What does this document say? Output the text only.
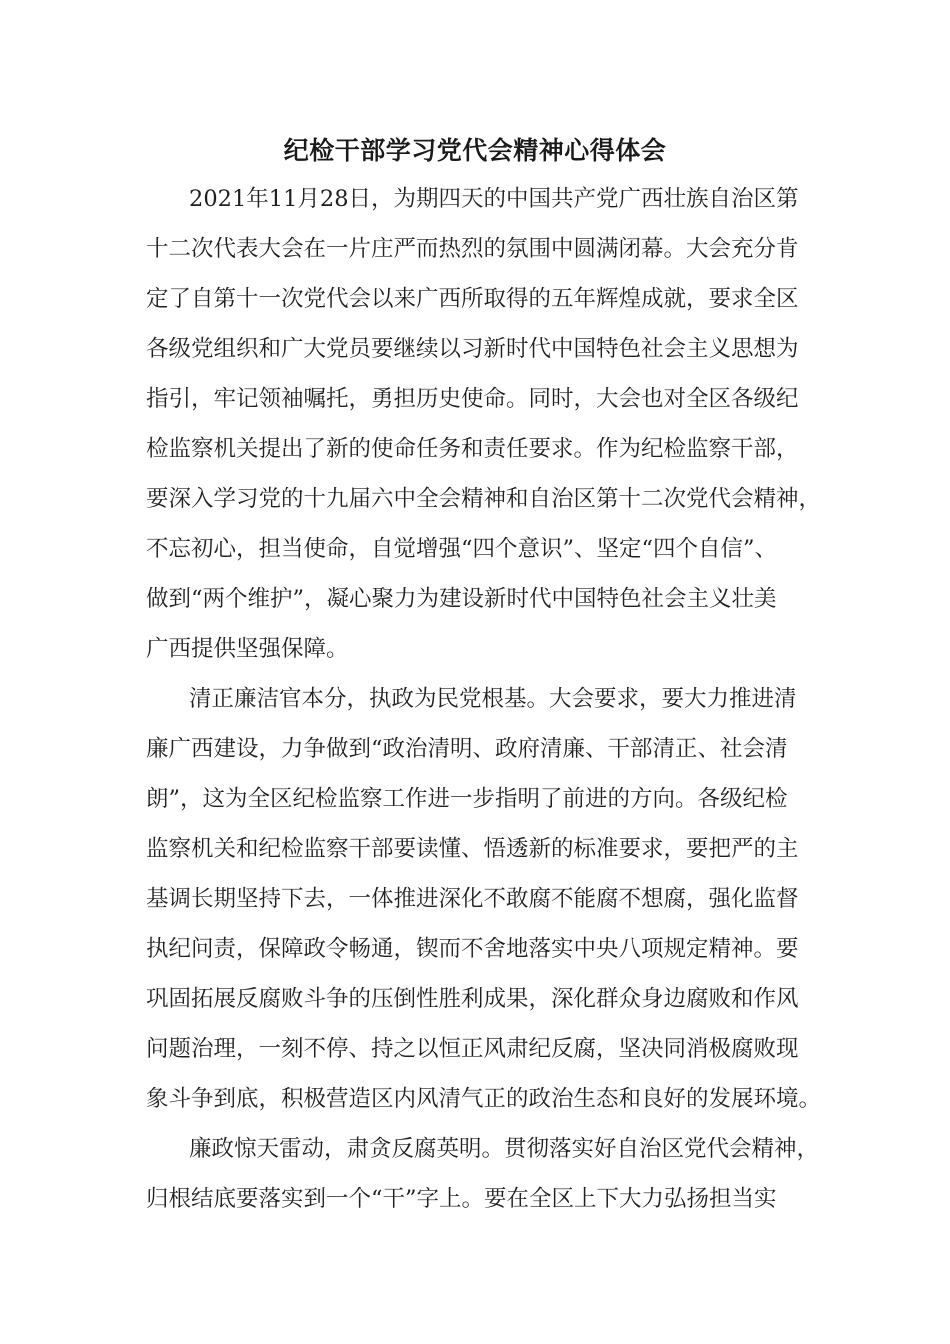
纪检干部学习党代会精神心得体会
2021年11月28日，为期四天的中国共产党广西壮族自治区第
十二次代表大会在一片庄严而热烈的氛围中圆满闭幕。大会充分肯
定了自第十一次党代会以来广西所取得的五年辉煌成就，要求全区
各级党组织和广大党员要继续以习新时代中国特色社会主义思想为
指引，牢记领袖嘱托，勇担历史使命。同时，大会也对全区各级纪
检监察机关提出了新的使命任务和责任要求。作为纪检监察干部，
要深入学习党的十九届六中全会精神和自治区第十二次党代会精神，
不忘初心，担当使命，自觉增强“四个意识”、坚定“四个自信”、
做到“两个维护”，凝心聚力为建设新时代中国特色社会主义壮美
广西提供坚强保障。
清正廉洁官本分，执政为民党根基。大会要求，要大力推进清
廉广西建设，力争做到“政治清明、政府清廉、干部清正、社会清
朗”，这为全区纪检监察工作进一步指明了前进的方向。各级纪检
监察机关和纪检监察干部要读懂、悟透新的标准要求，要把严的主
基调长期坚持下去，一体推进深化不敢腐不能腐不想腐，强化监督
执纪问责，保障政令畅通，锲而不舍地落实中央八项规定精神。要
巩固拓展反腐败斗争的压倒性胜利成果，深化群众身边腐败和作风
问题治理，一刻不停、持之以恒正风肃纪反腐，坚决同消极腐败现
象斗争到底，积极营造区内风清气正的政治生态和良好的发展环境。
廉政惊天雷动，肃贪反腐英明。贯彻落实好自治区党代会精神，
归根结底要落实到一个“干”字上。要在全区上下大力弘扬担当实
